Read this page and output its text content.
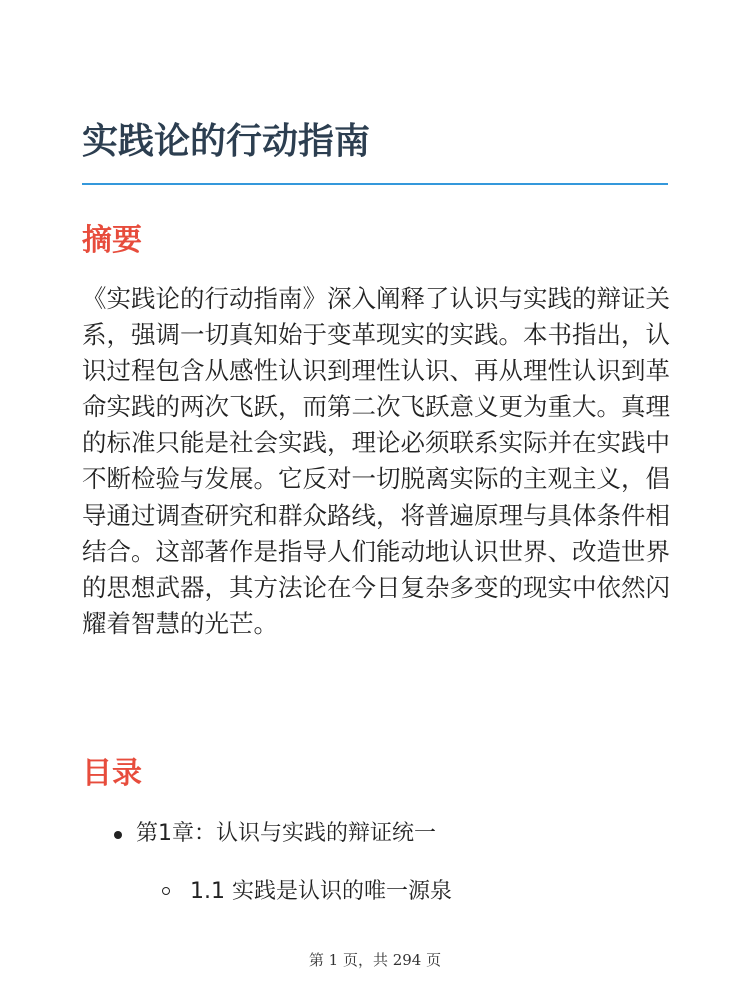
实践论的行动指南
摘要

《实践论的行动指南》深入阐释了认识与实践的辩证关系，强调一切真知始于变革现实的实践。本书指出，认识过程包含从感性认识到理性认识、再从理性认识到革命实践的两次飞跃，而第二次飞跃意义更为重大。真理的标准只能是社会实践，理论必须联系实际并在实践中不断检验与发展。它反对一切脱离实际的主观主义，倡导通过调查研究和群众路线，将普遍原理与具体条件相结合。这部著作是指导人们能动地认识世界、改造世界的思想武器，其方法论在今日复杂多变的现实中依然闪耀着智慧的光芒。

目录
第1章：认识与实践的辩证统一
1.1 实践是认识的唯一源泉
第 1 页，共 294 页
